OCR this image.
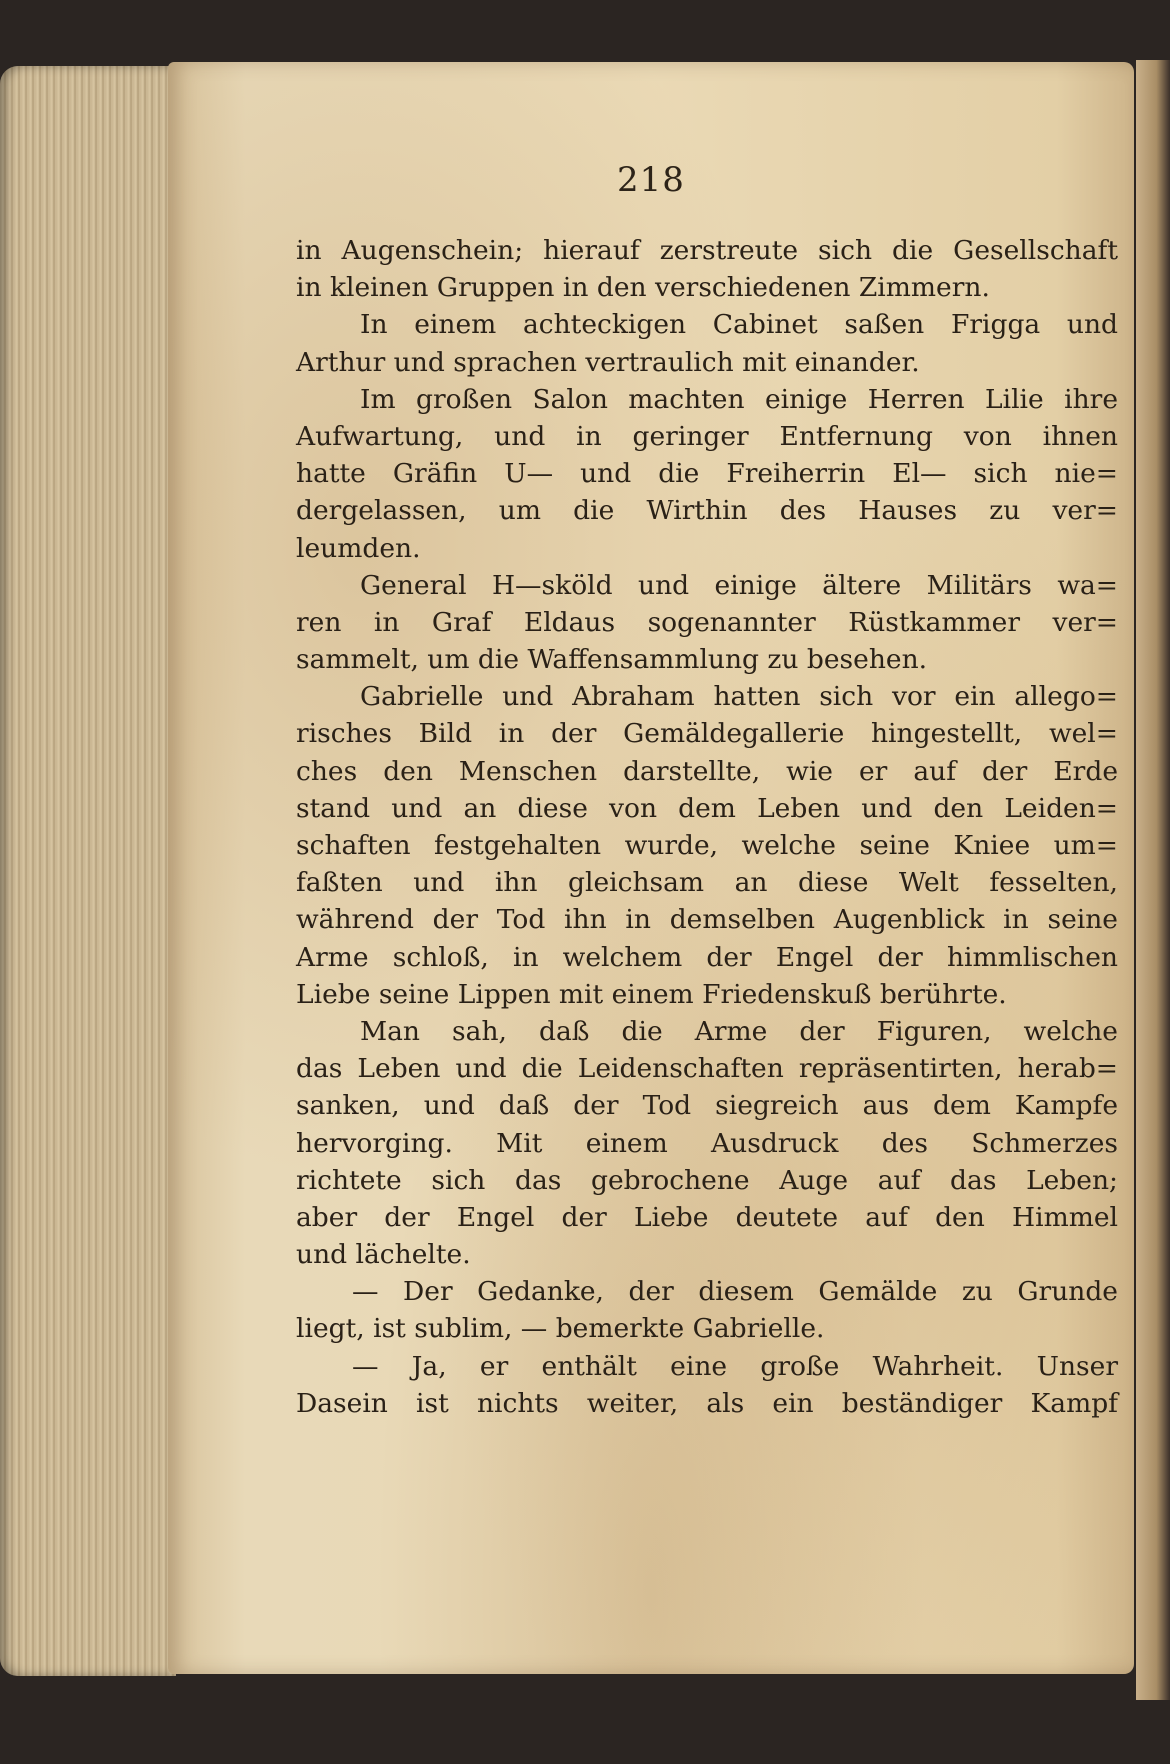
218
in Augenschein; hierauf zerstreute sich die Gesellschaft
in kleinen Gruppen in den verschiedenen Zimmern.
In einem achteckigen Cabinet saßen Frigga und
Arthur und sprachen vertraulich mit einander.
Im großen Salon machten einige Herren Lilie ihre
Aufwartung, und in geringer Entfernung von ihnen
hatte Gräfin U— und die Freiherrin El— sich nie=
dergelassen, um die Wirthin des Hauses zu ver=
leumden.
General H—sköld und einige ältere Militärs wa=
ren in Graf Eldaus sogenannter Rüstkammer ver=
sammelt, um die Waffensammlung zu besehen.
Gabrielle und Abraham hatten sich vor ein allego=
risches Bild in der Gemäldegallerie hingestellt, wel=
ches den Menschen darstellte, wie er auf der Erde
stand und an diese von dem Leben und den Leiden=
schaften festgehalten wurde, welche seine Kniee um=
faßten und ihn gleichsam an diese Welt fesselten,
während der Tod ihn in demselben Augenblick in seine
Arme schloß, in welchem der Engel der himmlischen
Liebe seine Lippen mit einem Friedenskuß berührte.
Man sah, daß die Arme der Figuren, welche
das Leben und die Leidenschaften repräsentirten, herab=
sanken, und daß der Tod siegreich aus dem Kampfe
hervorging. Mit einem Ausdruck des Schmerzes
richtete sich das gebrochene Auge auf das Leben;
aber der Engel der Liebe deutete auf den Himmel
und lächelte.
— Der Gedanke, der diesem Gemälde zu Grunde
liegt, ist sublim, — bemerkte Gabrielle.
— Ja, er enthält eine große Wahrheit. Unser
Dasein ist nichts weiter, als ein beständiger Kampf
